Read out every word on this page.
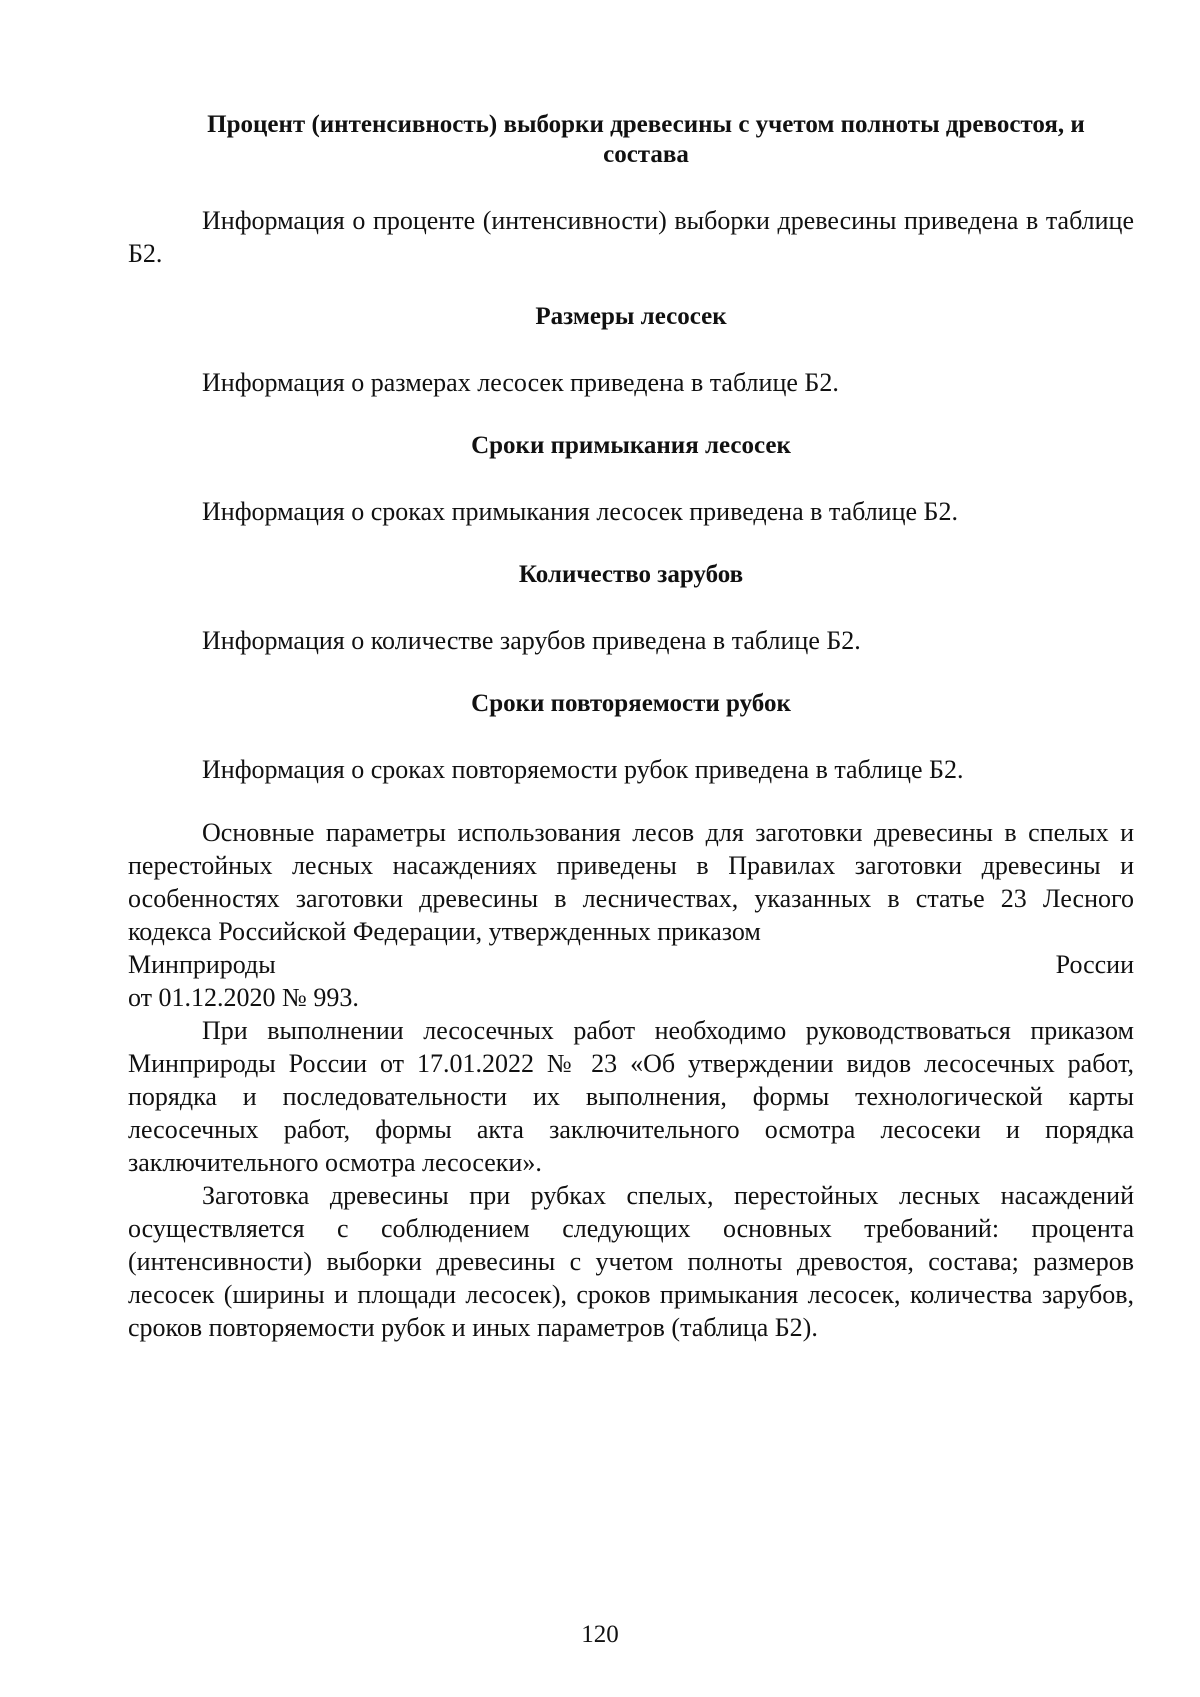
Процент (интенсивность) выборки древесины с учетом полноты древостоя, и состава

Информация о проценте (интенсивности) выборки древесины приведена в таблице Б2.

Размеры лесосек

Информация о размерах лесосек приведена в таблице Б2.

Сроки примыкания лесосек

Информация о сроках примыкания лесосек приведена в таблице Б2.

Количество зарубов

Информация о количестве зарубов приведена в таблице Б2.

Сроки повторяемости рубок

Информация о сроках повторяемости рубок приведена в таблице Б2.

Основные параметры использования лесов для заготовки древесины в спелых и перестойных лесных насаждениях приведены в Правилах заготовки древесины и особенностях заготовки древесины в лесничествах, указанных в статье 23 Лесного кодекса Российской Федерации, утвержденных приказом

Минприроды	России

от 01.12.2020 № 993.

При выполнении лесосечных работ необходимо руководствоваться приказом Минприроды России от 17.01.2022 № 23 «Об утверждении видов лесосечных работ, порядка и последовательности их выполнения, формы технологической карты лесосечных работ, формы акта заключительного осмотра лесосеки и порядка заключительного осмотра лесосеки».

Заготовка древесины при рубках спелых, перестойных лесных насаждений осуществляется с соблюдением следующих основных требований: процента (интенсивности) выборки древесины с учетом полноты древостоя, состава; размеров лесосек (ширины и площади лесосек), сроков примыкания лесосек, количества зарубов, сроков повторяемости рубок и иных параметров (таблица Б2).

120
